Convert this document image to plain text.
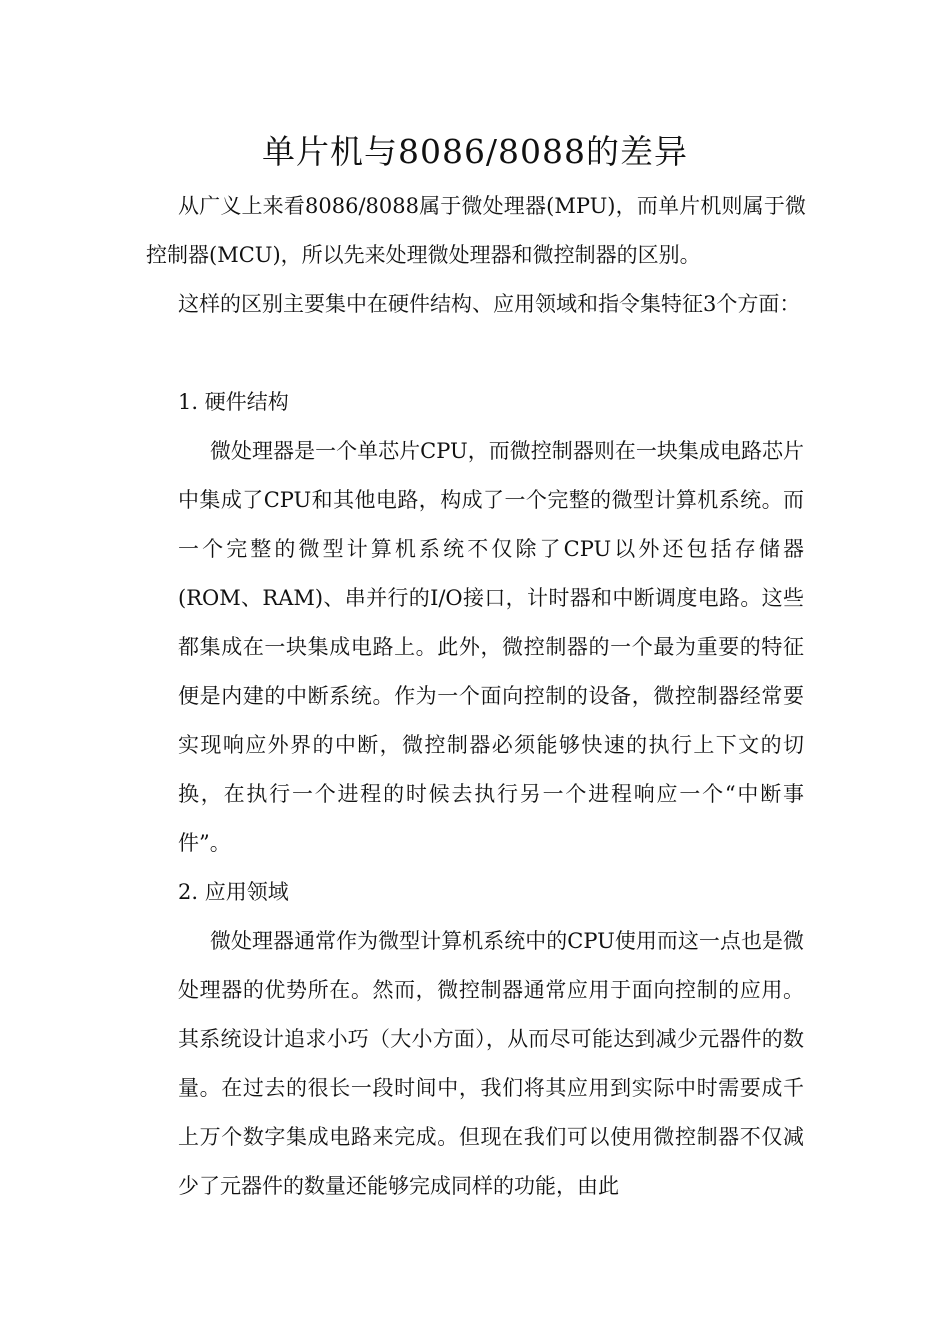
单片机与8086/8088的差异

从广义上来看8086/8088属于微处理器(MPU)，而单片机则属于微控制器(MCU)，所以先来处理微处理器和微控制器的区别。

这样的区别主要集中在硬件结构、应用领域和指令集特征3个方面：

1. 硬件结构

微处理器是一个单芯片CPU，而微控制器则在一块集成电路芯片中集成了CPU和其他电路，构成了一个完整的微型计算机系统。而一个完整的微型计算机系统不仅除了CPU以外还包括存储器(ROM、RAM)、串并行的I/O接口，计时器和中断调度电路。这些都集成在一块集成电路上。此外，微控制器的一个最为重要的特征便是内建的中断系统。作为一个面向控制的设备，微控制器经常要实现响应外界的中断，微控制器必须能够快速的执行上下文的切换，在执行一个进程的时候去执行另一个进程响应一个“中断事件”。

2. 应用领域

微处理器通常作为微型计算机系统中的CPU使用而这一点也是微处理器的优势所在。然而，微控制器通常应用于面向控制的应用。其系统设计追求小巧（大小方面），从而尽可能达到减少元器件的数量。在过去的很长一段时间中，我们将其应用到实际中时需要成千上万个数字集成电路来完成。但现在我们可以使用微控制器不仅减少了元器件的数量还能够完成同样的功能，由此
